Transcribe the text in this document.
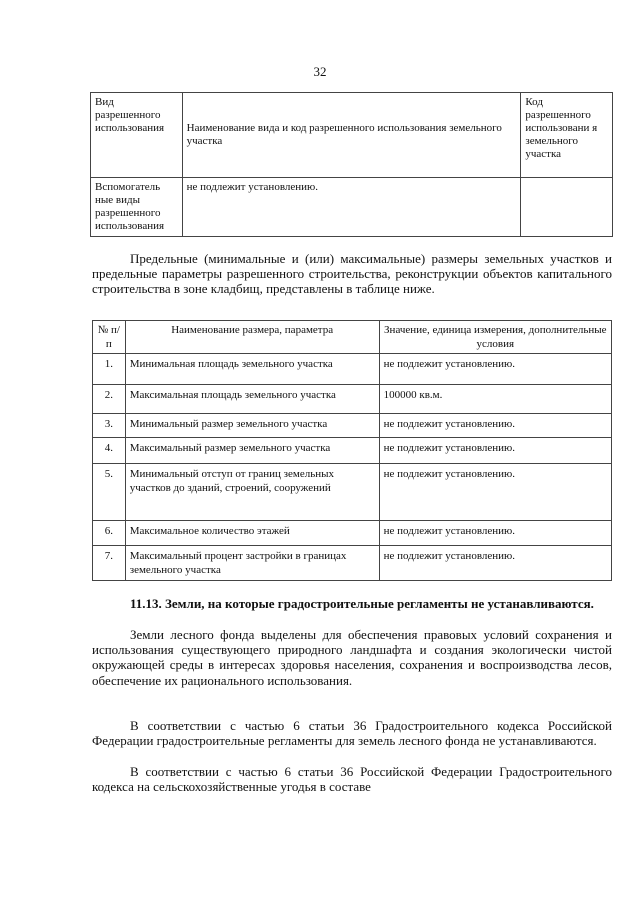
32
Вид разрешенного использования	Наименование вида и код разрешенного использования земельного участка	Код разрешенного использовани я земельного участка
Вспомогатель ные виды разрешенного использования	не подлежит установлению.	

Предельные (минимальные и (или) максимальные) размеры земельных участков и предельные параметры разрешенного строительства, реконструкции объектов капитального строительства в зоне кладбищ, представлены в таблице ниже.

№ п/п	Наименование размера, параметра	Значение, единица измерения, дополнительные условия
1.	Минимальная площадь земельного участка	не подлежит установлению.
2.	Максимальная площадь земельного участка	100000 кв.м.
3.	Минимальный размер земельного участка	не подлежит установлению.
4.	Максимальный размер земельного участка	не подлежит установлению.
5.	Минимальный отступ от границ земельных участков до зданий, строений, сооружений	не подлежит установлению.
6.	Максимальное количество этажей	не подлежит установлению.
7.	Максимальный процент застройки в границах земельного участка	не подлежит установлению.

11.13. Земли, на которые градостроительные регламенты не устанавливаются.

Земли лесного фонда выделены для обеспечения правовых условий сохранения и использования существующего природного ландшафта и создания экологически чистой окружающей среды в интересах здоровья населения, сохранения и воспроизводства лесов, обеспечение их рационального использования.

В соответствии с частью 6 статьи 36 Градостроительного кодекса Российской Федерации градостроительные регламенты для земель лесного фонда не устанавливаются.

В соответствии с частью 6 статьи 36 Российской Федерации Градостроительного кодекса на сельскохозяйственные угодья в составе
